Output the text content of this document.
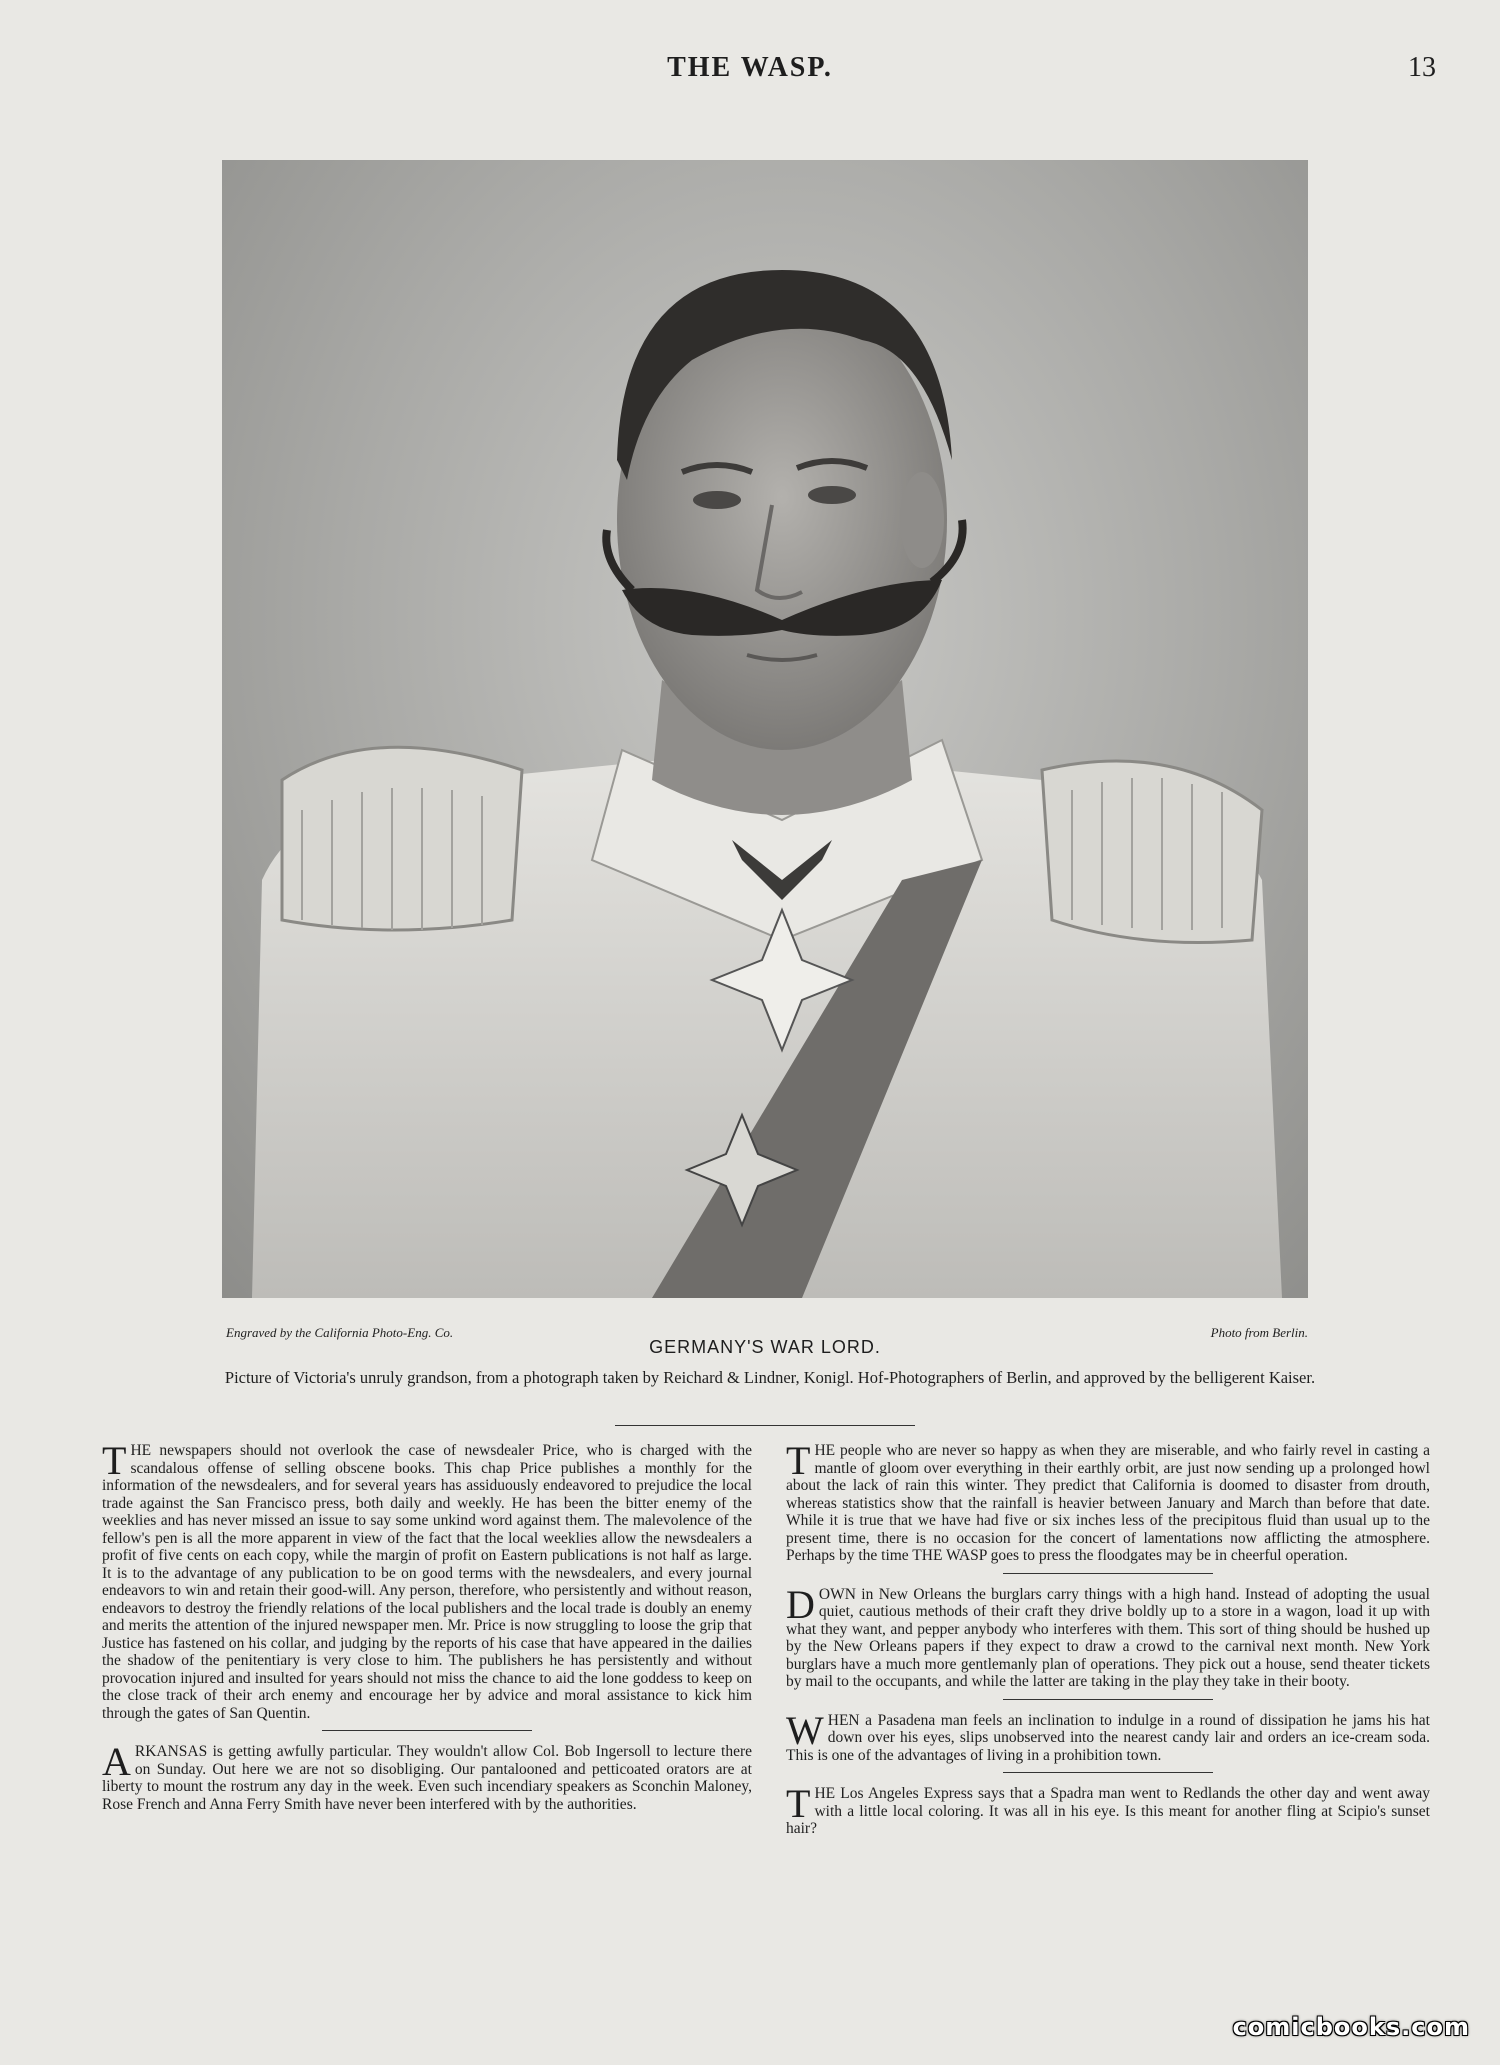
THE WASP.	13
Engraved by the California Photo-Eng. Co.	Photo from Berlin.
GERMANY'S WAR LORD.
Picture of Victoria's unruly grandson, from a photograph taken by Reichard & Lindner, Konigl. Hof-Photographers of Berlin, and approved by the belligerent Kaiser.

THE newspapers should not overlook the case of newsdealer Price, who is charged with the scandalous offense of selling obscene books. This chap Price publishes a monthly for the information of the newsdealers, and for several years has assiduously endeavored to prejudice the local trade against the San Francisco press, both daily and weekly. He has been the bitter enemy of the weeklies and has never missed an issue to say some unkind word against them. The malevolence of the fellow's pen is all the more apparent in view of the fact that the local weeklies allow the newsdealers a profit of five cents on each copy, while the margin of profit on Eastern publications is not half as large. It is to the advantage of any publication to be on good terms with the newsdealers, and every journal endeavors to win and retain their good-will. Any person, therefore, who persistently and without reason, endeavors to destroy the friendly relations of the local publishers and the local trade is doubly an enemy and merits the attention of the injured newspaper men. Mr. Price is now struggling to loose the grip that Justice has fastened on his collar, and judging by the reports of his case that have appeared in the dailies the shadow of the penitentiary is very close to him. The publishers he has persistently and without provocation injured and insulted for years should not miss the chance to aid the lone goddess to keep on the close track of their arch enemy and encourage her by advice and moral assistance to kick him through the gates of San Quentin.

ARKANSAS is getting awfully particular. They wouldn't allow Col. Bob Ingersoll to lecture there on Sunday. Out here we are not so disobliging. Our pantalooned and petticoated orators are at liberty to mount the rostrum any day in the week. Even such incendiary speakers as Sconchin Maloney, Rose French and Anna Ferry Smith have never been interfered with by the authorities.

THE people who are never so happy as when they are miserable, and who fairly revel in casting a mantle of gloom over everything in their earthly orbit, are just now sending up a prolonged howl about the lack of rain this winter. They predict that California is doomed to disaster from drouth, whereas statistics show that the rainfall is heavier between January and March than before that date. While it is true that we have had five or six inches less of the precipitous fluid than usual up to the present time, there is no occasion for the concert of lamentations now afflicting the atmosphere. Perhaps by the time THE WASP goes to press the floodgates may be in cheerful operation.

DOWN in New Orleans the burglars carry things with a high hand. Instead of adopting the usual quiet, cautious methods of their craft they drive boldly up to a store in a wagon, load it up with what they want, and pepper anybody who interferes with them. This sort of thing should be hushed up by the New Orleans papers if they expect to draw a crowd to the carnival next month. New York burglars have a much more gentlemanly plan of operations. They pick out a house, send theater tickets by mail to the occupants, and while the latter are taking in the play they take in their booty.

WHEN a Pasadena man feels an inclination to indulge in a round of dissipation he jams his hat down over his eyes, slips unobserved into the nearest candy lair and orders an ice-cream soda. This is one of the advantages of living in a prohibition town.

THE Los Angeles Express says that a Spadra man went to Redlands the other day and went away with a little local coloring. It was all in his eye. Is this meant for another fling at Scipio's sunset hair?

comicbooks.com
